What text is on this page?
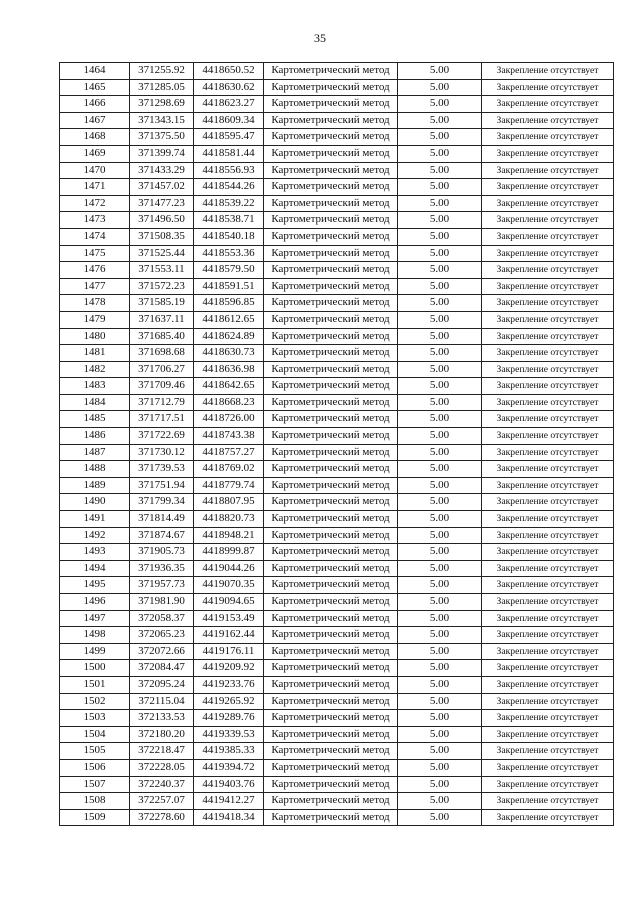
35
1464	371255.92	4418650.52	Картометрический метод	5.00	Закрепление отсутствует
1465	371285.05	4418630.62	Картометрический метод	5.00	Закрепление отсутствует
1466	371298.69	4418623.27	Картометрический метод	5.00	Закрепление отсутствует
1467	371343.15	4418609.34	Картометрический метод	5.00	Закрепление отсутствует
1468	371375.50	4418595.47	Картометрический метод	5.00	Закрепление отсутствует
1469	371399.74	4418581.44	Картометрический метод	5.00	Закрепление отсутствует
1470	371433.29	4418556.93	Картометрический метод	5.00	Закрепление отсутствует
1471	371457.02	4418544.26	Картометрический метод	5.00	Закрепление отсутствует
1472	371477.23	4418539.22	Картометрический метод	5.00	Закрепление отсутствует
1473	371496.50	4418538.71	Картометрический метод	5.00	Закрепление отсутствует
1474	371508.35	4418540.18	Картометрический метод	5.00	Закрепление отсутствует
1475	371525.44	4418553.36	Картометрический метод	5.00	Закрепление отсутствует
1476	371553.11	4418579.50	Картометрический метод	5.00	Закрепление отсутствует
1477	371572.23	4418591.51	Картометрический метод	5.00	Закрепление отсутствует
1478	371585.19	4418596.85	Картометрический метод	5.00	Закрепление отсутствует
1479	371637.11	4418612.65	Картометрический метод	5.00	Закрепление отсутствует
1480	371685.40	4418624.89	Картометрический метод	5.00	Закрепление отсутствует
1481	371698.68	4418630.73	Картометрический метод	5.00	Закрепление отсутствует
1482	371706.27	4418636.98	Картометрический метод	5.00	Закрепление отсутствует
1483	371709.46	4418642.65	Картометрический метод	5.00	Закрепление отсутствует
1484	371712.79	4418668.23	Картометрический метод	5.00	Закрепление отсутствует
1485	371717.51	4418726.00	Картометрический метод	5.00	Закрепление отсутствует
1486	371722.69	4418743.38	Картометрический метод	5.00	Закрепление отсутствует
1487	371730.12	4418757.27	Картометрический метод	5.00	Закрепление отсутствует
1488	371739.53	4418769.02	Картометрический метод	5.00	Закрепление отсутствует
1489	371751.94	4418779.74	Картометрический метод	5.00	Закрепление отсутствует
1490	371799.34	4418807.95	Картометрический метод	5.00	Закрепление отсутствует
1491	371814.49	4418820.73	Картометрический метод	5.00	Закрепление отсутствует
1492	371874.67	4418948.21	Картометрический метод	5.00	Закрепление отсутствует
1493	371905.73	4418999.87	Картометрический метод	5.00	Закрепление отсутствует
1494	371936.35	4419044.26	Картометрический метод	5.00	Закрепление отсутствует
1495	371957.73	4419070.35	Картометрический метод	5.00	Закрепление отсутствует
1496	371981.90	4419094.65	Картометрический метод	5.00	Закрепление отсутствует
1497	372058.37	4419153.49	Картометрический метод	5.00	Закрепление отсутствует
1498	372065.23	4419162.44	Картометрический метод	5.00	Закрепление отсутствует
1499	372072.66	4419176.11	Картометрический метод	5.00	Закрепление отсутствует
1500	372084.47	4419209.92	Картометрический метод	5.00	Закрепление отсутствует
1501	372095.24	4419233.76	Картометрический метод	5.00	Закрепление отсутствует
1502	372115.04	4419265.92	Картометрический метод	5.00	Закрепление отсутствует
1503	372133.53	4419289.76	Картометрический метод	5.00	Закрепление отсутствует
1504	372180.20	4419339.53	Картометрический метод	5.00	Закрепление отсутствует
1505	372218.47	4419385.33	Картометрический метод	5.00	Закрепление отсутствует
1506	372228.05	4419394.72	Картометрический метод	5.00	Закрепление отсутствует
1507	372240.37	4419403.76	Картометрический метод	5.00	Закрепление отсутствует
1508	372257.07	4419412.27	Картометрический метод	5.00	Закрепление отсутствует
1509	372278.60	4419418.34	Картометрический метод	5.00	Закрепление отсутствует
